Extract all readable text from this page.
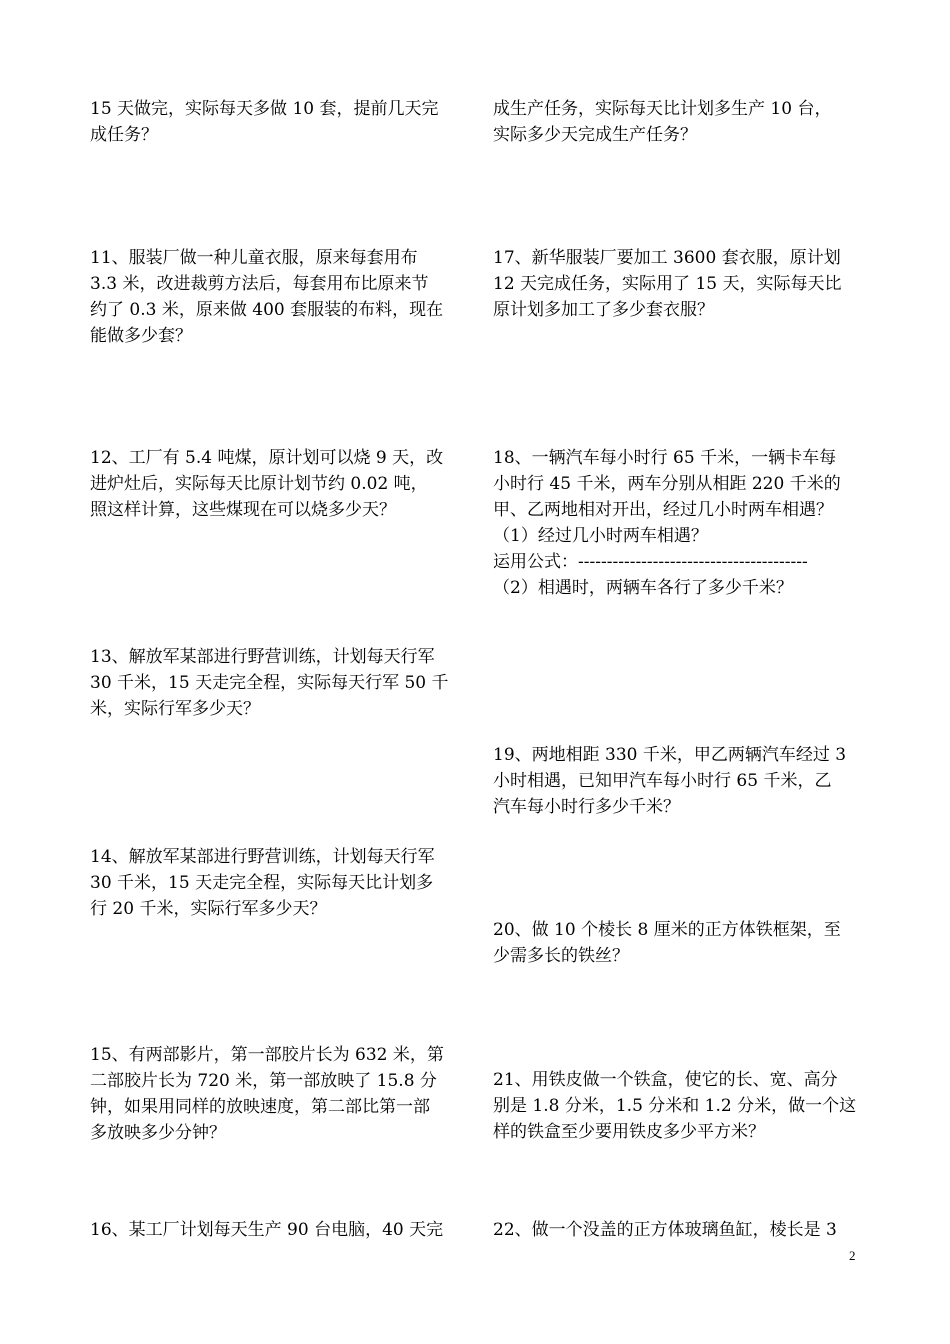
15 天做完，实际每天多做 10 套，提前几天完
成任务？
11、服装厂做一种儿童衣服，原来每套用布
3.3 米，改进裁剪方法后，每套用布比原来节
约了 0.3 米，原来做 400 套服装的布料，现在
能做多少套？
12、工厂有 5.4 吨煤，原计划可以烧 9 天，改
进炉灶后，实际每天比原计划节约 0.02 吨，
照这样计算，这些煤现在可以烧多少天？
13、解放军某部进行野营训练，计划每天行军
30 千米，15 天走完全程，实际每天行军 50 千
米，实际行军多少天？
14、解放军某部进行野营训练，计划每天行军
30 千米，15 天走完全程，实际每天比计划多
行 20 千米，实际行军多少天？
15、有两部影片，第一部胶片长为 632 米，第
二部胶片长为 720 米，第一部放映了 15.8 分
钟，如果用同样的放映速度，第二部比第一部
多放映多少分钟？
16、某工厂计划每天生产 90 台电脑，40 天完
成生产任务，实际每天比计划多生产 10 台，
实际多少天完成生产任务？
17、新华服装厂要加工 3600 套衣服，原计划
12 天完成任务，实际用了 15 天，实际每天比
原计划多加工了多少套衣服？
18、一辆汽车每小时行 65 千米，一辆卡车每
小时行 45 千米，两车分别从相距 220 千米的
甲、乙两地相对开出，经过几小时两车相遇？
（1）经过几小时两车相遇？
运用公式：----------------------------------------
（2）相遇时，两辆车各行了多少千米？
19、两地相距 330 千米，甲乙两辆汽车经过 3
小时相遇，已知甲汽车每小时行 65 千米，乙
汽车每小时行多少千米？
20、做 10 个棱长 8 厘米的正方体铁框架，至
少需多长的铁丝？
21、用铁皮做一个铁盒，使它的长、宽、高分
别是 1.8 分米，1.5 分米和 1.2 分米，做一个这
样的铁盒至少要用铁皮多少平方米？
22、做一个没盖的正方体玻璃鱼缸，棱长是 3
2
